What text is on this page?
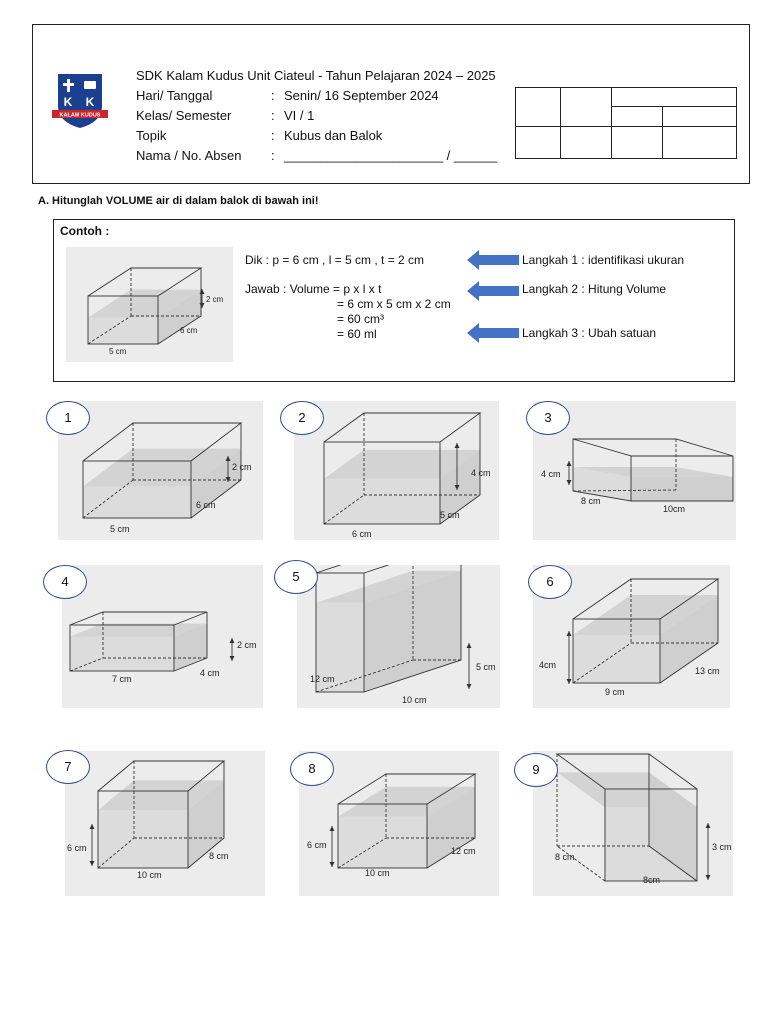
K K
KALAM KUDUS
SDK Kalam Kudus Unit Ciateul - Tahun Pelajaran 2024 – 2025
Hari/ Tanggal	: Senin/ 16 September 2024
Kelas/ Semester	: VI / 1
Topik	: Kubus dan Balok
Nama / No. Absen : ______________________ / ______

A. Hitunglah VOLUME air di dalam balok di bawah ini!
Contoh :
2 cm
6 cm
5 cm
Dik : p = 6 cm , l = 5 cm , t = 2 cm
Jawab : Volume = p x l x t
= 6 cm x 5 cm x 2 cm
= 60 cm³
= 60 ml
Langkah 1 : identifikasi ukuran
Langkah 2 : Hitung Volume
Langkah 3 : Ubah satuan
2 cm
6 cm
5 cm
4 cm
5 cm
6 cm
4 cm
8 cm
10cm
2 cm
4 cm
7 cm
5 cm
12 cm
10 cm
4cm
13 cm
9 cm
6 cm
8 cm
10 cm
6 cm
12 cm
10 cm
3 cm
8 cm
8cm
1	2	3
4	5	6
7	8	9
